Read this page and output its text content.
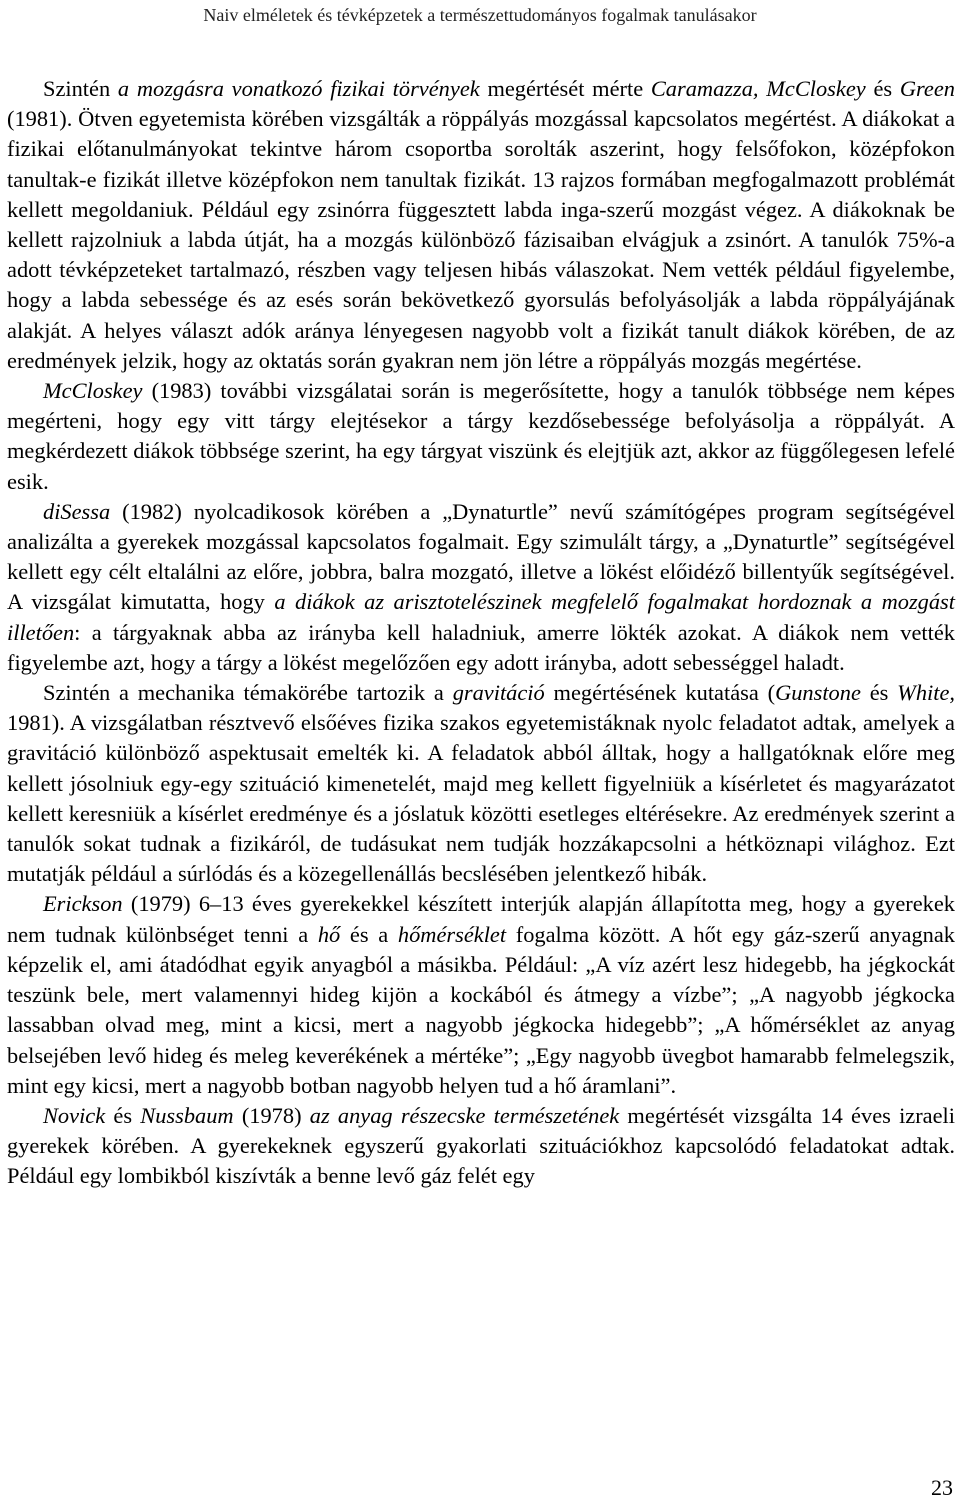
Naiv elméletek és tévképzetek a természettudományos fogalmak tanulásakor

Szintén a mozgásra vonatkozó fizikai törvények megértését mérte Caramazza, McCloskey és Green (1981). Ötven egyetemista körében vizsgálták a röppályás mozgással kapcsolatos megértést. A diákokat a fizikai előtanulmányokat tekintve három csoportba sorolták aszerint, hogy felsőfokon, középfokon tanultak-e fizikát illetve középfokon nem tanultak fizikát. 13 rajzos formában megfogalmazott problémát kellett megoldaniuk. Például egy zsinórra függesztett labda inga-szerű mozgást végez. A diákoknak be kellett rajzolniuk a labda útját, ha a mozgás különböző fázisaiban elvágjuk a zsinórt. A tanulók 75%-a adott tévképzeteket tartalmazó, részben vagy teljesen hibás válaszokat. Nem vették például figyelembe, hogy a labda sebessége és az esés során bekövetkező gyorsulás befolyásolják a labda röppályájának alakját. A helyes választ adók aránya lényegesen nagyobb volt a fizikát tanult diákok körében, de az eredmények jelzik, hogy az oktatás során gyakran nem jön létre a röppályás mozgás megértése.

McCloskey (1983) további vizsgálatai során is megerősítette, hogy a tanulók többsége nem képes megérteni, hogy egy vitt tárgy elejtésekor a tárgy kezdősebessége befolyásolja a röppályát. A megkérdezett diákok többsége szerint, ha egy tárgyat viszünk és elejtjük azt, akkor az függőlegesen lefelé esik.

diSessa (1982) nyolcadikosok körében a „Dynaturtle” nevű számítógépes program segítségével analizálta a gyerekek mozgással kapcsolatos fogalmait. Egy szimulált tárgy, a „Dynaturtle” segítségével kellett egy célt eltalálni az előre, jobbra, balra mozgató, illetve a lökést előidéző billentyűk segítségével. A vizsgálat kimutatta, hogy a diákok az arisztotelészinek megfelelő fogalmakat hordoznak a mozgást illetően: a tárgyaknak abba az irányba kell haladniuk, amerre lökték azokat. A diákok nem vették figyelembe azt, hogy a tárgy a lökést megelőzően egy adott irányba, adott sebességgel haladt.

Szintén a mechanika témakörébe tartozik a gravitáció megértésének kutatása (Gunstone és White, 1981). A vizsgálatban résztvevő elsőéves fizika szakos egyetemistáknak nyolc feladatot adtak, amelyek a gravitáció különböző aspektusait emelték ki. A feladatok abból álltak, hogy a hallgatóknak előre meg kellett jósolniuk egy-egy szituáció kimenetelét, majd meg kellett figyelniük a kísérletet és magyarázatot kellett keresniük a kísérlet eredménye és a jóslatuk közötti esetleges eltérésekre. Az eredmények szerint a tanulók sokat tudnak a fizikáról, de tudásukat nem tudják hozzákapcsolni a hétköznapi világhoz. Ezt mutatják például a súrlódás és a közegellenállás becslésében jelentkező hibák.

Erickson (1979) 6–13 éves gyerekekkel készített interjúk alapján állapította meg, hogy a gyerekek nem tudnak különbséget tenni a hő és a hőmérséklet fogalma között. A hőt egy gáz-szerű anyagnak képzelik el, ami átadódhat egyik anyagból a másikba. Például: „A víz azért lesz hidegebb, ha jégkockát teszünk bele, mert valamennyi hideg kijön a kockából és átmegy a vízbe”; „A nagyobb jégkocka lassabban olvad meg, mint a kicsi, mert a nagyobb jégkocka hidegebb”; „A hőmérséklet az anyag belsejében levő hideg és meleg keverékének a mértéke”; „Egy nagyobb üvegbot hamarabb felmelegszik, mint egy kicsi, mert a nagyobb botban nagyobb helyen tud a hő áramlani”.

Novick és Nussbaum (1978) az anyag részecske természetének megértését vizsgálta 14 éves izraeli gyerekek körében. A gyerekeknek egyszerű gyakorlati szituációkhoz kapcsolódó feladatokat adtak. Például egy lombikból kiszívták a benne levő gáz felét egy

23
